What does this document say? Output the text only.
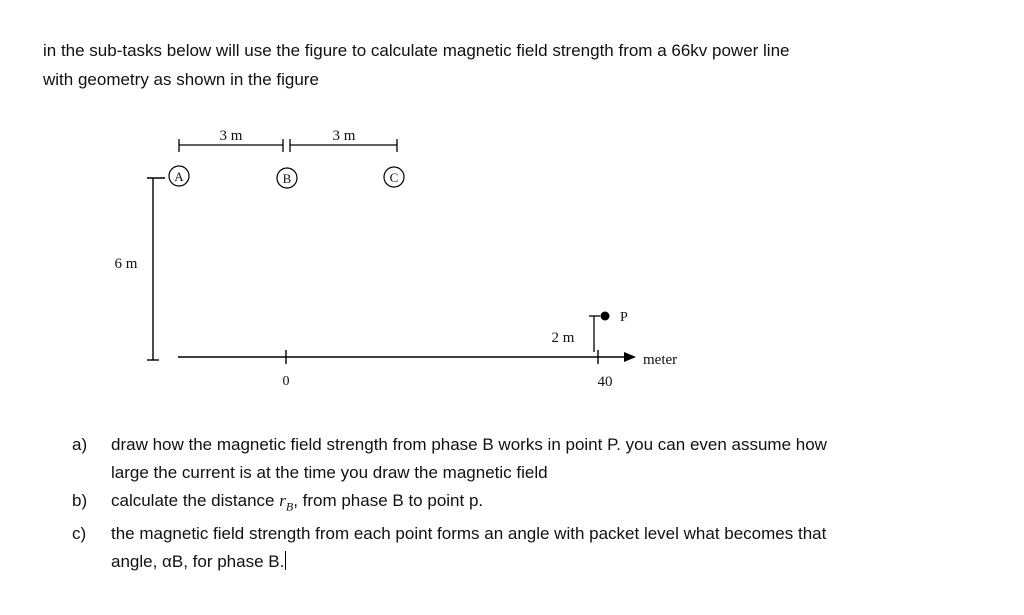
in the sub-tasks below will use the figure to calculate magnetic field strength from a 66kv power line
with geometry as shown in the figure
3 m	3 m
A	B	C
6 m
meter
0	40
2 m
P
a) draw how the magnetic field strength from phase B works in point P. you can even assume how
large the current is at the time you draw the magnetic field
b) calculate the distance $r_B$, from phase B to point p.
c) the magnetic field strength from each point forms an angle with packet level what becomes that
angle, αB, for phase B.
